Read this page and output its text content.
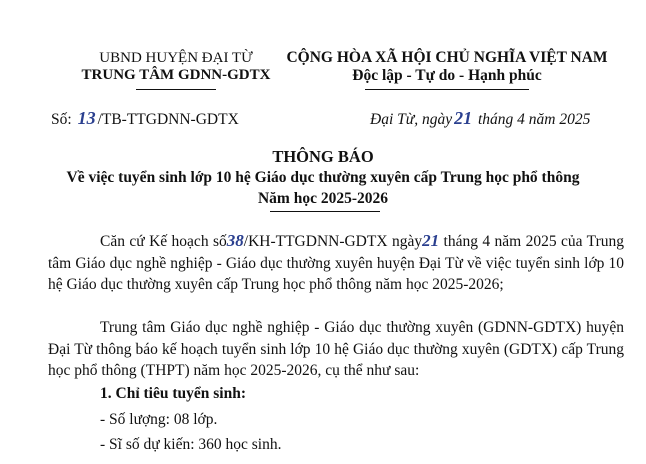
UBND HUYỆN ĐẠI TỪ
TRUNG TÂM GDNN-GDTX
CỘNG HÒA XÃ HỘI CHỦ NGHĨA VIỆT NAM
Độc lập - Tự do - Hạnh phúc
Số: 13 /TB-TTGDNN-GDTX	Đại Từ, ngày 21 tháng 4 năm 2025
THÔNG BÁO
Về việc tuyển sinh lớp 10 hệ Giáo dục thường xuyên cấp Trung học phổ thông
Năm học 2025-2026
Căn cứ Kế hoạch số38/KH-TTGDNN-GDTX ngày21 tháng 4 năm 2025 của Trung tâm Giáo dục nghề nghiệp - Giáo dục thường xuyên huyện Đại Từ về việc tuyển sinh lớp 10 hệ Giáo dục thường xuyên cấp Trung học phổ thông năm học 2025-2026;
Trung tâm Giáo dục nghề nghiệp - Giáo dục thường xuyên (GDNN-GDTX) huyện Đại Từ thông báo kế hoạch tuyển sinh lớp 10 hệ Giáo dục thường xuyên (GDTX) cấp Trung học phổ thông (THPT) năm học 2025-2026, cụ thể như sau:
1. Chỉ tiêu tuyển sinh:
- Số lượng: 08 lớp.
- Sĩ số dự kiến: 360 học sinh.
